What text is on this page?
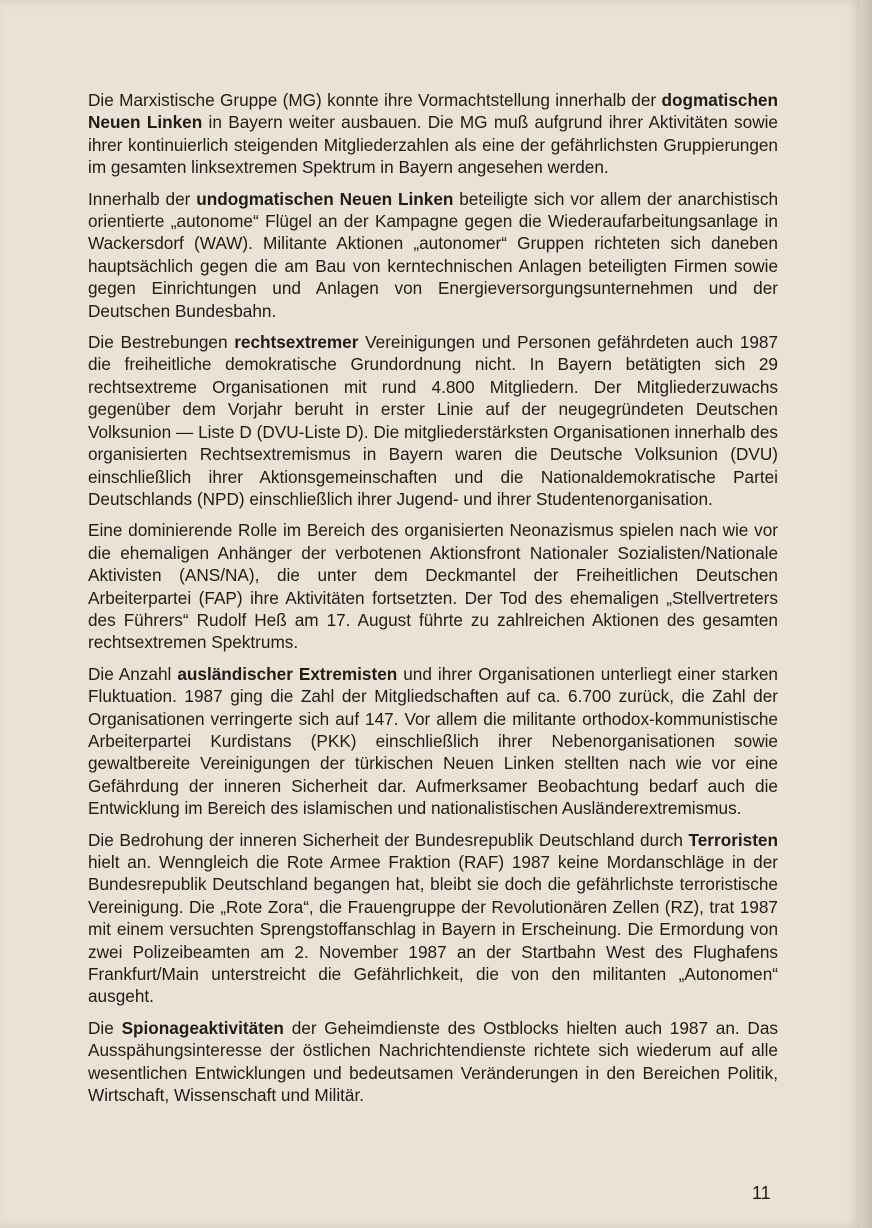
Die Marxistische Gruppe (MG) konnte ihre Vormachtstellung innerhalb der dogmatischen Neuen Linken in Bayern weiter ausbauen. Die MG muß aufgrund ihrer Aktivitäten sowie ihrer kontinuierlich steigenden Mitgliederzahlen als eine der gefährlichsten Gruppierungen im gesamten linksextremen Spektrum in Bayern angesehen werden.

Innerhalb der undogmatischen Neuen Linken beteiligte sich vor allem der anarchistisch orientierte „autonome“ Flügel an der Kampagne gegen die Wiederaufarbeitungsanlage in Wackersdorf (WAW). Militante Aktionen „autonomer“ Gruppen richteten sich daneben hauptsächlich gegen die am Bau von kerntechnischen Anlagen beteiligten Firmen sowie gegen Einrichtungen und Anlagen von Energieversorgungsunternehmen und der Deutschen Bundesbahn.

Die Bestrebungen rechtsextremer Vereinigungen und Personen gefährdeten auch 1987 die freiheitliche demokratische Grundordnung nicht. In Bayern betätigten sich 29 rechtsextreme Organisationen mit rund 4.800 Mitgliedern. Der Mitgliederzuwachs gegenüber dem Vorjahr beruht in erster Linie auf der neugegründeten Deutschen Volksunion — Liste D (DVU-Liste D). Die mitgliederstärksten Organisationen innerhalb des organisierten Rechtsextremismus in Bayern waren die Deutsche Volksunion (DVU) einschließlich ihrer Aktionsgemeinschaften und die Nationaldemokratische Partei Deutschlands (NPD) einschließlich ihrer Jugend- und ihrer Studentenorganisation.

Eine dominierende Rolle im Bereich des organisierten Neonazismus spielen nach wie vor die ehemaligen Anhänger der verbotenen Aktionsfront Nationaler Sozialisten/Nationale Aktivisten (ANS/NA), die unter dem Deckmantel der Freiheitlichen Deutschen Arbeiterpartei (FAP) ihre Aktivitäten fortsetzten. Der Tod des ehemaligen „Stellvertreters des Führers“ Rudolf Heß am 17. August führte zu zahlreichen Aktionen des gesamten rechtsextremen Spektrums.

Die Anzahl ausländischer Extremisten und ihrer Organisationen unterliegt einer starken Fluktuation. 1987 ging die Zahl der Mitgliedschaften auf ca. 6.700 zurück, die Zahl der Organisationen verringerte sich auf 147. Vor allem die militante orthodox-kommunistische Arbeiterpartei Kurdistans (PKK) einschließlich ihrer Nebenorganisationen sowie gewaltbereite Vereinigungen der türkischen Neuen Linken stellten nach wie vor eine Gefährdung der inneren Sicherheit dar. Aufmerksamer Beobachtung bedarf auch die Entwicklung im Bereich des islamischen und nationalistischen Ausländerextremismus.

Die Bedrohung der inneren Sicherheit der Bundesrepublik Deutschland durch Terroristen hielt an. Wenngleich die Rote Armee Fraktion (RAF) 1987 keine Mordanschläge in der Bundesrepublik Deutschland begangen hat, bleibt sie doch die gefährlichste terroristische Vereinigung. Die „Rote Zora“, die Frauengruppe der Revolutionären Zellen (RZ), trat 1987 mit einem versuchten Sprengstoffanschlag in Bayern in Erscheinung. Die Ermordung von zwei Polizeibeamten am 2. November 1987 an der Startbahn West des Flughafens Frankfurt/Main unterstreicht die Gefährlichkeit, die von den militanten „Autonomen“ ausgeht.

Die Spionageaktivitäten der Geheimdienste des Ostblocks hielten auch 1987 an. Das Ausspähungsinteresse der östlichen Nachrichtendienste richtete sich wiederum auf alle wesentlichen Entwicklungen und bedeutsamen Veränderungen in den Bereichen Politik, Wirtschaft, Wissenschaft und Militär.

11
